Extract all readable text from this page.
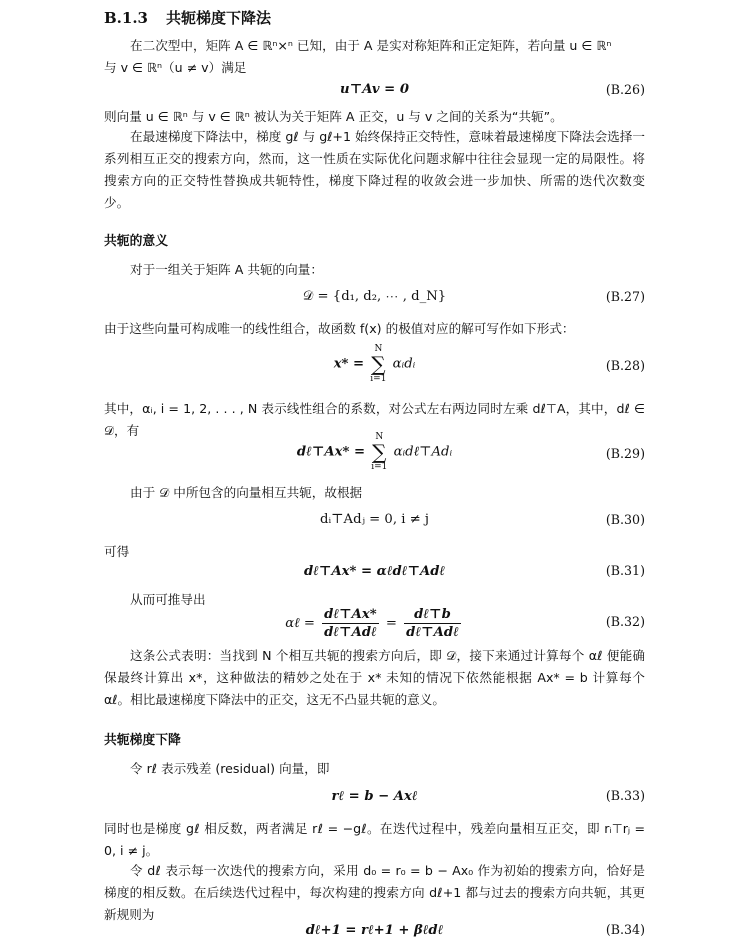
B.1.3 共轭梯度下降法
在二次型中，矩阵 A ∈ ℝⁿ×ⁿ 已知，由于 A 是实对称矩阵和正定矩阵，若向量 u ∈ ℝⁿ
与 v ∈ ℝⁿ（u ≠ v）满足
u⊤Av = 0	(B.26)
则向量 u ∈ ℝⁿ 与 v ∈ ℝⁿ 被认为关于矩阵 A 正交，u 与 v 之间的关系为“共轭”。
在最速梯度下降法中，梯度 gℓ 与 gℓ+1 始终保持正交特性，意味着最速梯度下降法会选择一系列相互正交的搜索方向，然而，这一性质在实际优化问题求解中往往会显现一定的局限性。将搜索方向的正交特性替换成共轭特性，梯度下降过程的收敛会进一步加快、所需的迭代次数变少。
共轭的意义
对于一组关于矩阵 A 共轭的向量：
𝒟 = {d₁, d₂, ⋯ , d_N}	(B.27)
由于这些向量可构成唯一的线性组合，故函数 f(x) 的极值对应的解可写作如下形式：
x* =
N
∑
i=1
αᵢdᵢ	(B.28)
其中，αᵢ, i = 1, 2, . . . , N 表示线性组合的系数，对公式左右两边同时左乘 dℓ⊤A，其中，dℓ ∈ 𝒟，有
dℓ⊤Ax* =
N
∑
i=1
αᵢdℓ⊤Adᵢ	(B.29)
由于 𝒟 中所包含的向量相互共轭，故根据
dᵢ⊤Adⱼ = 0, i ≠ j	(B.30)
可得
dℓ⊤Ax* = αℓdℓ⊤Adℓ	(B.31)
从而可推导出
αℓ = $\frac{\text{dℓ⊤Ax*}}{\text{dℓ⊤Adℓ}} = \frac{\text{dℓ⊤b}}{\text{dℓ⊤Adℓ}}$	(B.32)
这条公式表明：当找到 N 个相互共轭的搜索方向后，即 𝒟，接下来通过计算每个 αℓ 便能确保最终计算出 x*，这种做法的精妙之处在于 x* 未知的情况下依然能根据 Ax* = b 计算每个 αℓ。相比最速梯度下降法中的正交，这无不凸显共轭的意义。
共轭梯度下降
令 rℓ 表示残差 (residual) 向量，即
rℓ = b − Axℓ	(B.33)
同时也是梯度 gℓ 相反数，两者满足 rℓ = −gℓ。在迭代过程中，残差向量相互正交，即 rᵢ⊤rⱼ = 0, i ≠ j。
令 dℓ 表示每一次迭代的搜索方向，采用 d₀ = r₀ = b − Ax₀ 作为初始的搜索方向，恰好是梯度的相反数。在后续迭代过程中，每次构建的搜索方向 dℓ+1 都与过去的搜索方向共轭，其更新规则为
dℓ+1 = rℓ+1 + βℓdℓ	(B.34)
